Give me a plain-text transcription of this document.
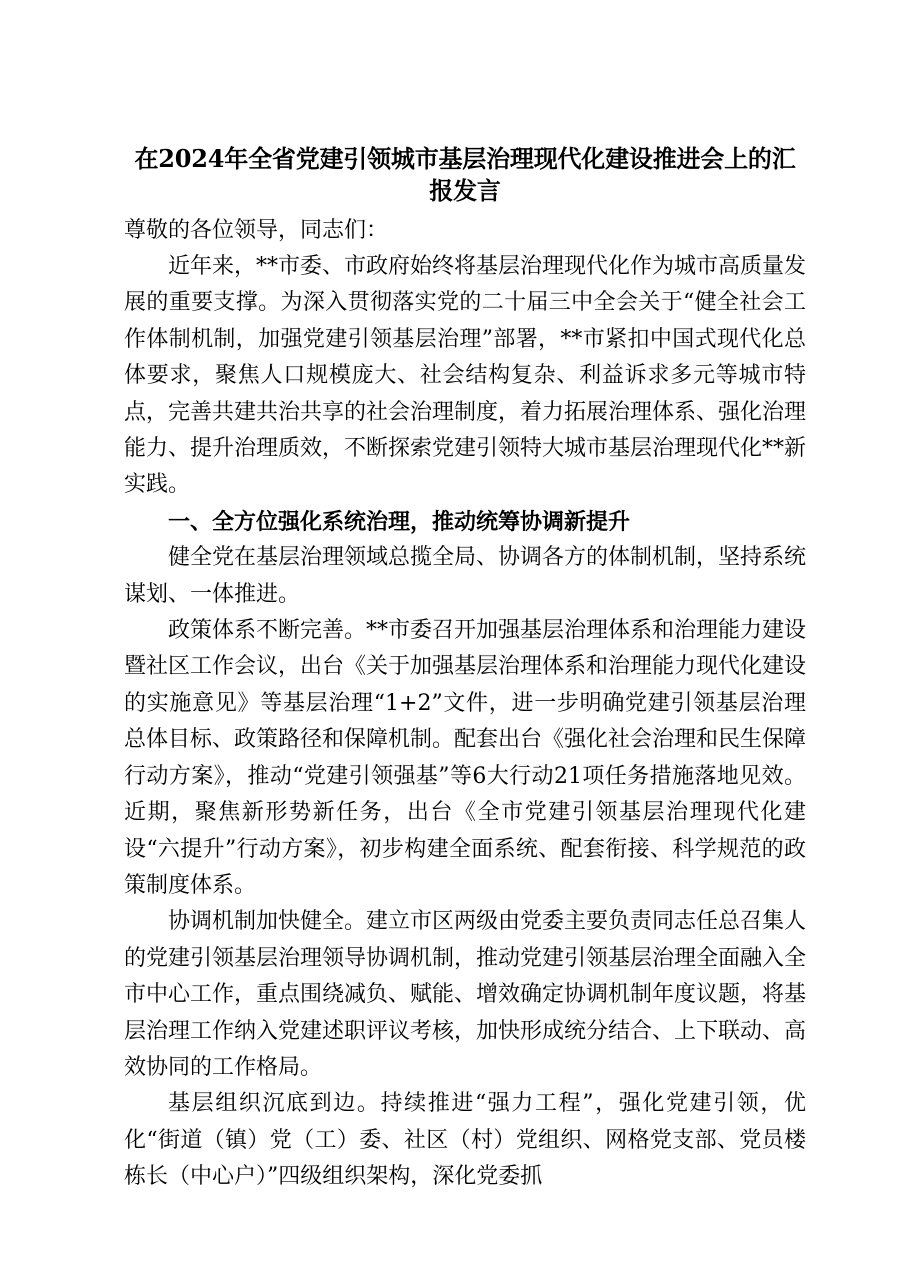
在2024年全省党建引领城市基层治理现代化建设推进会上的汇报发言

尊敬的各位领导，同志们：

近年来，**市委、市政府始终将基层治理现代化作为城市高质量发展的重要支撑。为深入贯彻落实党的二十届三中全会关于“健全社会工作体制机制，加强党建引领基层治理”部署，**市紧扣中国式现代化总体要求，聚焦人口规模庞大、社会结构复杂、利益诉求多元等城市特点，完善共建共治共享的社会治理制度，着力拓展治理体系、强化治理能力、提升治理质效，不断探索党建引领特大城市基层治理现代化**新实践。

一、全方位强化系统治理，推动统筹协调新提升

健全党在基层治理领域总揽全局、协调各方的体制机制，坚持系统谋划、一体推进。

政策体系不断完善。**市委召开加强基层治理体系和治理能力建设暨社区工作会议，出台《关于加强基层治理体系和治理能力现代化建设的实施意见》等基层治理“1+2”文件，进一步明确党建引领基层治理总体目标、政策路径和保障机制。配套出台《强化社会治理和民生保障行动方案》，推动“党建引领强基”等6大行动21项任务措施落地见效。近期，聚焦新形势新任务，出台《全市党建引领基层治理现代化建设“六提升”行动方案》，初步构建全面系统、配套衔接、科学规范的政策制度体系。

协调机制加快健全。建立市区两级由党委主要负责同志任总召集人的党建引领基层治理领导协调机制，推动党建引领基层治理全面融入全市中心工作，重点围绕减负、赋能、增效确定协调机制年度议题，将基层治理工作纳入党建述职评议考核，加快形成统分结合、上下联动、高效协同的工作格局。

基层组织沉底到边。持续推进“强力工程”，强化党建引领，优化“街道（镇）党（工）委、社区（村）党组织、网格党支部、党员楼栋长（中心户）”四级组织架构，深化党委抓
